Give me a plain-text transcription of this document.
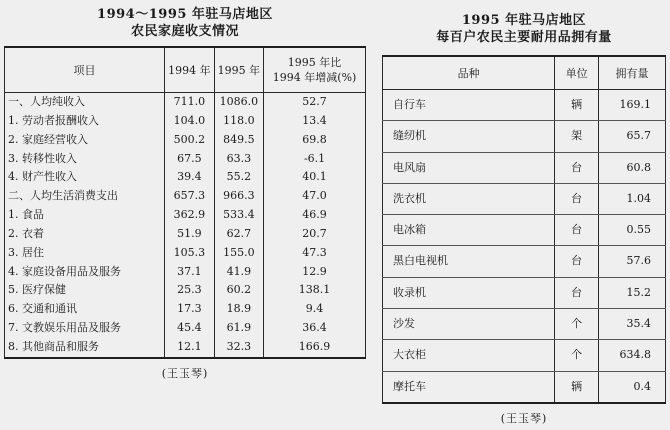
1994～1995 年驻马店地区
农民家庭收支情况
项目	1994 年	1995 年	1995 年比
1994 年增减(%)

一、人均纯收入	711.0	1086.0	52.7
1. 劳动者报酬收入	104.0	118.0	13.4
2. 家庭经营收入	500.2	849.5	69.8
3. 转移性收入	67.5	63.3	-6.1
4. 财产性收入	39.4	55.2	40.1
二、人均生活消费支出	657.3	966.3	47.0
1. 食品	362.9	533.4	46.9
2. 衣着	51.9	62.7	20.7
3. 居住	105.3	155.0	47.3
4. 家庭设备用品及服务	37.1	41.9	12.9
5. 医疗保健	25.3	60.2	138.1
6. 交通和通讯	17.3	18.9	9.4
7. 文教娱乐用品及服务	45.4	61.9	36.4
8. 其他商品和服务	12.1	32.3	166.9
(王玉琴)
1995 年驻马店地区
每百户农民主要耐用品拥有量
品种	单位	拥有量
自行车	辆	169.1
缝纫机	架	65.7
电风扇	台	60.8
洗衣机	台	1.04
电冰箱	台	0.55
黑白电视机	台	57.6
收录机	台	15.2
沙发	个	35.4
大衣柜	个	634.8
摩托车	辆	0.4
(王玉琴)
